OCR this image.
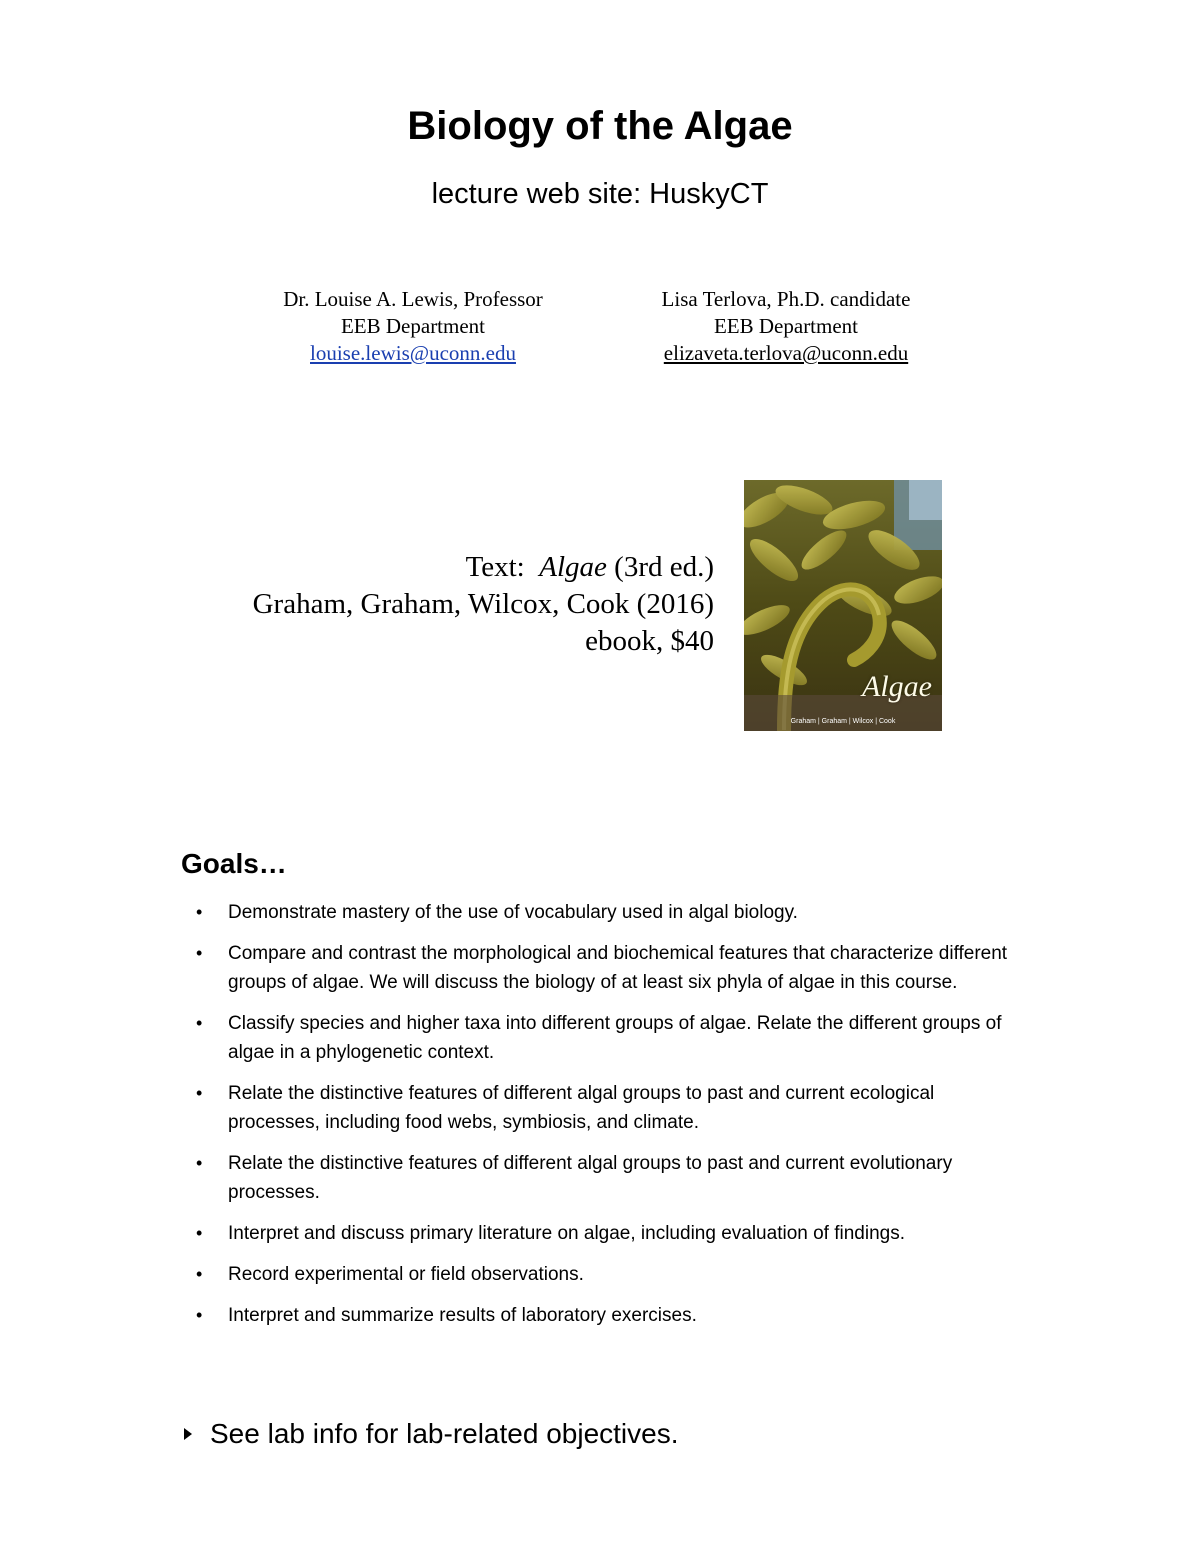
Biology of the Algae

lecture web site: HuskyCT

Dr. Louise A. Lewis, Professor
EEB Department
louise.lewis@uconn.edu
Lisa Terlova, Ph.D. candidate
EEB Department
elizaveta.terlova@uconn.edu
Text: Algae (3rd ed.)
Graham, Graham, Wilcox, Cook (2016)
ebook, $40
Algae
Graham | Graham | Wilcox | Cook
Goals…
• Demonstrate mastery of the use of vocabulary used in algal biology.
• Compare and contrast the morphological and biochemical features that characterize different groups of algae. We will discuss the biology of at least six phyla of algae in this course.
• Classify species and higher taxa into different groups of algae. Relate the different groups of algae in a phylogenetic context.
• Relate the distinctive features of different algal groups to past and current ecological processes, including food webs, symbiosis, and climate.
• Relate the distinctive features of different algal groups to past and current evolutionary processes.
• Interpret and discuss primary literature on algae, including evaluation of findings.
• Record experimental or field observations.
• Interpret and summarize results of laboratory exercises.
See lab info for lab-related objectives.
